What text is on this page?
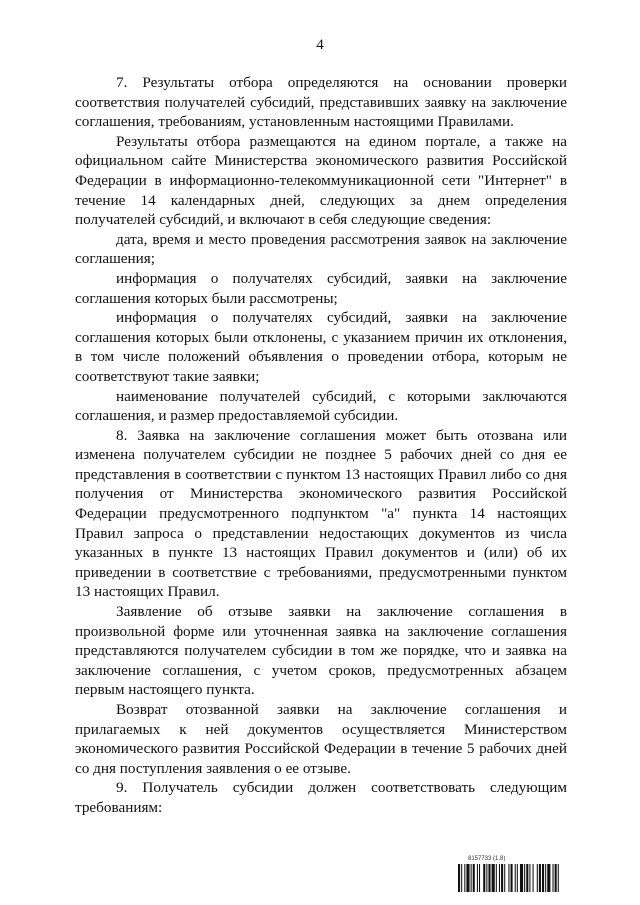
4

7. Результаты отбора определяются на основании проверки соответствия получателей субсидий, представивших заявку на заключение соглашения, требованиям, установленным настоящими Правилами.

Результаты отбора размещаются на едином портале, а также на официальном сайте Министерства экономического развития Российской Федерации в информационно-телекоммуникационной сети "Интернет" в течение 14 календарных дней, следующих за днем определения получателей субсидий, и включают в себя следующие сведения:

дата, время и место проведения рассмотрения заявок на заключение соглашения;

информация о получателях субсидий, заявки на заключение соглашения которых были рассмотрены;

информация о получателях субсидий, заявки на заключение соглашения которых были отклонены, с указанием причин их отклонения, в том числе положений объявления о проведении отбора, которым не соответствуют такие заявки;

наименование получателей субсидий, с которыми заключаются соглашения, и размер предоставляемой субсидии.

8. Заявка на заключение соглашения может быть отозвана или изменена получателем субсидии не позднее 5 рабочих дней со дня ее представления в соответствии с пунктом 13 настоящих Правил либо со дня получения от Министерства экономического развития Российской Федерации предусмотренного подпунктом "а" пункта 14 настоящих Правил запроса о представлении недостающих документов из числа указанных в пункте 13 настоящих Правил документов и (или) об их приведении в соответствие с требованиями, предусмотренными пунктом 13 настоящих Правил.

Заявление об отзыве заявки на заключение соглашения в произвольной форме или уточненная заявка на заключение соглашения представляются получателем субсидии в том же порядке, что и заявка на заключение соглашения, с учетом сроков, предусмотренных абзацем первым настоящего пункта.

Возврат отозванной заявки на заключение соглашения и прилагаемых к ней документов осуществляется Министерством экономического развития Российской Федерации в течение 5 рабочих дней со дня поступления заявления о ее отзыве.

9. Получатель субсидии должен соответствовать следующим требованиям:

8157733 (1.8)
